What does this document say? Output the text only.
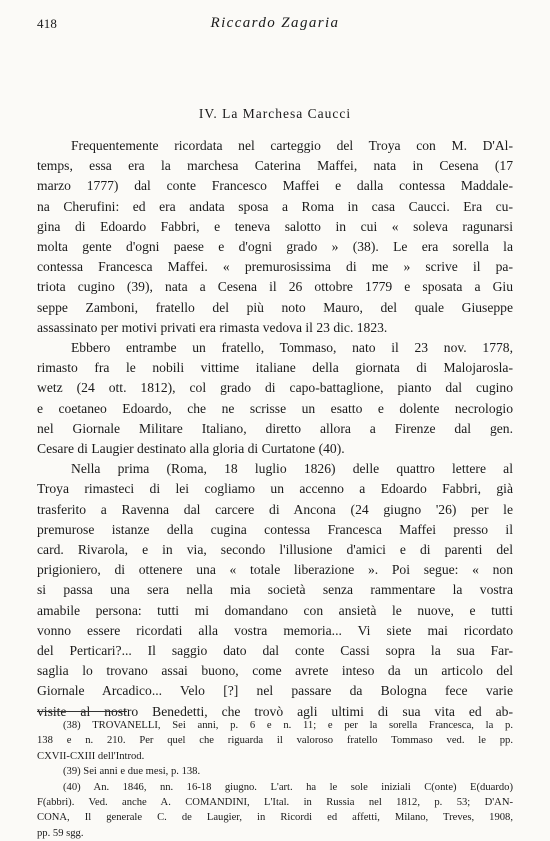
418	Riccardo Zagaria
IV. La Marchesa Caucci
Frequentemente ricordata nel carteggio del Troya con M. D'Al-
temps, essa era la marchesa Caterina Maffei, nata in Cesena (17
marzo 1777) dal conte Francesco Maffei e dalla contessa Maddale-
na Cherufini: ed era andata sposa a Roma in casa Caucci. Era cu-
gina di Edoardo Fabbri, e teneva salotto in cui « soleva ragunarsi
molta gente d'ogni paese e d'ogni grado » (38). Le era sorella la
contessa Francesca Maffei. « premurosissima di me » scrive il pa-
triota cugino (39), nata a Cesena il 26 ottobre 1779 e sposata a Giu
seppe Zamboni, fratello del più noto Mauro, del quale Giuseppe
assassinato per motivi privati era rimasta vedova il 23 dic. 1823.
Ebbero entrambe un fratello, Tommaso, nato il 23 nov. 1778,
rimasto fra le nobili vittime italiane della giornata di Malojarosla-
wetz (24 ott. 1812), col grado di capo-battaglione, pianto dal cugino
e coetaneo Edoardo, che ne scrisse un esatto e dolente necrologio
nel Giornale Militare Italiano, diretto allora a Firenze dal gen.
Cesare di Laugier destinato alla gloria di Curtatone (40).
Nella prima (Roma, 18 luglio 1826) delle quattro lettere al
Troya rimasteci di lei cogliamo un accenno a Edoardo Fabbri, già
trasferito a Ravenna dal carcere di Ancona (24 giugno '26) per le
premurose istanze della cugina contessa Francesca Maffei presso il
card. Rivarola, e in via, secondo l'illusione d'amici e di parenti del
prigioniero, di ottenere una « totale liberazione ». Poi segue: « non
si passa una sera nella mia società senza rammentare la vostra
amabile persona: tutti mi domandano con ansietà le nuove, e tutti
vonno essere ricordati alla vostra memoria... Vi siete mai ricordato
del Perticari?... Il saggio dato dal conte Cassi sopra la sua Far-
saglia lo trovano assai buono, come avrete inteso da un articolo del
Giornale Arcadico... Velo [?] nel passare da Bologna fece varie
visite al nostro Benedetti, che trovò agli ultimi di sua vita ed ab-
(38) TROVANELLI, Sei anni, p. 6 e n. 11; e per la sorella Francesca, la p.
138 e n. 210. Per quel che riguarda il valoroso fratello Tommaso ved. le pp.
CXVII-CXIII dell'Introd.
(39) Sei anni e due mesi, p. 138.
(40) An. 1846, nn. 16-18 giugno. L'art. ha le sole iniziali C(onte) E(duardo)
F(abbri). Ved. anche A. COMANDINI, L'Ital. in Russia nel 1812, p. 53; D'AN-
CONA, Il generale C. de Laugier, in Ricordi ed affetti, Milano, Treves, 1908,
pp. 59 sgg.
